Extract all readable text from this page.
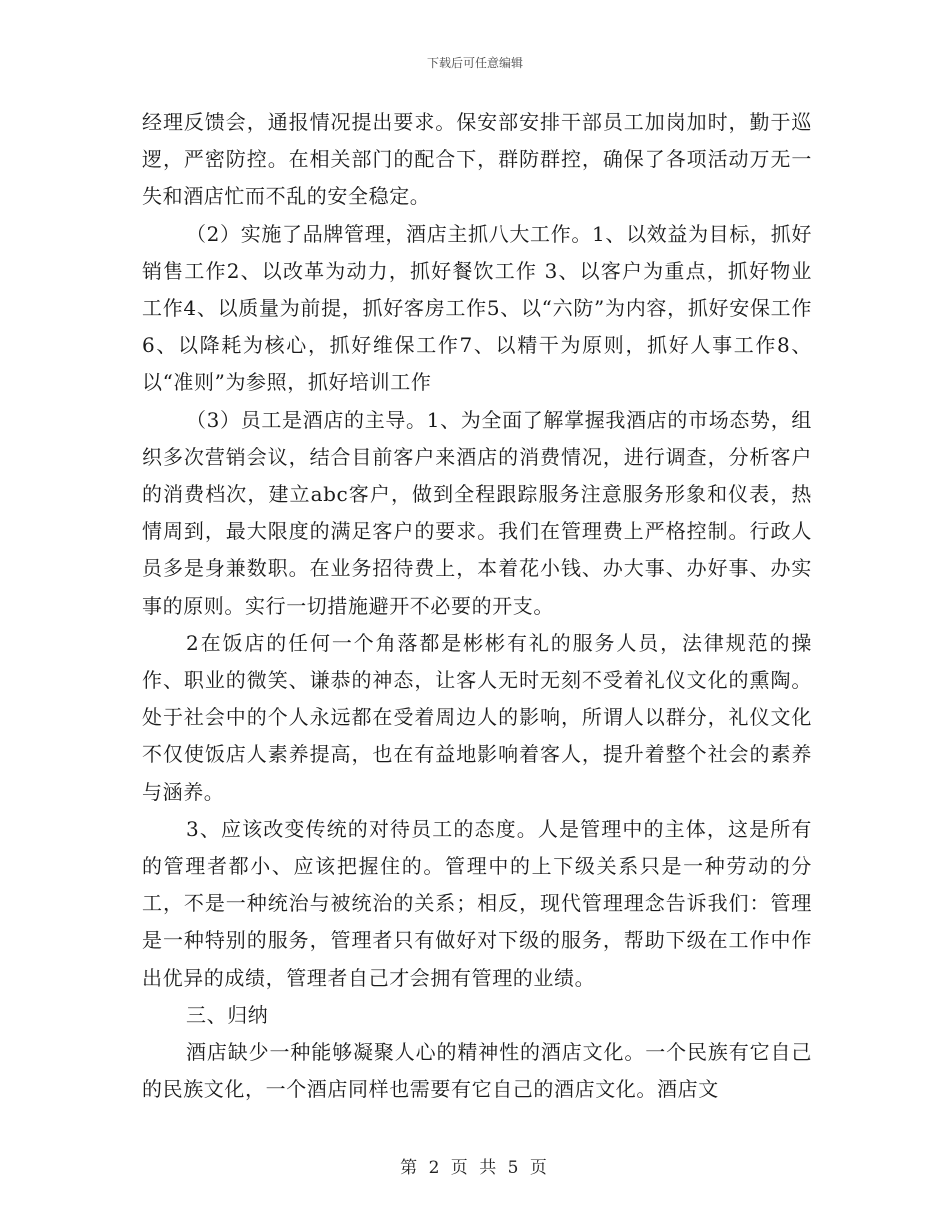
下载后可任意编辑

经理反馈会，通报情况提出要求。保安部安排干部员工加岗加时，勤于巡逻，严密防控。在相关部门的配合下，群防群控，确保了各项活动万无一失和酒店忙而不乱的安全稳定。

（2）实施了品牌管理，酒店主抓八大工作。1、以效益为目标，抓好销售工作2、以改革为动力，抓好餐饮工作 3、以客户为重点，抓好物业工作4、以质量为前提，抓好客房工作5、以“六防”为内容，抓好安保工作6、以降耗为核心，抓好维保工作7、以精干为原则，抓好人事工作8、以“准则”为参照，抓好培训工作

（3）员工是酒店的主导。1、为全面了解掌握我酒店的市场态势，组织多次营销会议，结合目前客户来酒店的消费情况，进行调查，分析客户的消费档次，建立abc客户，做到全程跟踪服务注意服务形象和仪表，热情周到，最大限度的满足客户的要求。我们在管理费上严格控制。行政人员多是身兼数职。在业务招待费上，本着花小钱、办大事、办好事、办实事的原则。实行一切措施避开不必要的开支。

2在饭店的任何一个角落都是彬彬有礼的服务人员，法律规范的操作、职业的微笑、谦恭的神态，让客人无时无刻不受着礼仪文化的熏陶。处于社会中的个人永远都在受着周边人的影响，所谓人以群分，礼仪文化不仅使饭店人素养提高，也在有益地影响着客人，提升着整个社会的素养与涵养。

3、应该改变传统的对待员工的态度。人是管理中的主体，这是所有的管理者都小、应该把握住的。管理中的上下级关系只是一种劳动的分工，不是一种统治与被统治的关系；相反，现代管理理念告诉我们：管理是一种特别的服务，管理者只有做好对下级的服务，帮助下级在工作中作出优异的成绩，管理者自己才会拥有管理的业绩。

三、归纳

酒店缺少一种能够凝聚人心的精神性的酒店文化。一个民族有它自己的民族文化，一个酒店同样也需要有它自己的酒店文化。酒店文

第 2 页 共 5 页
